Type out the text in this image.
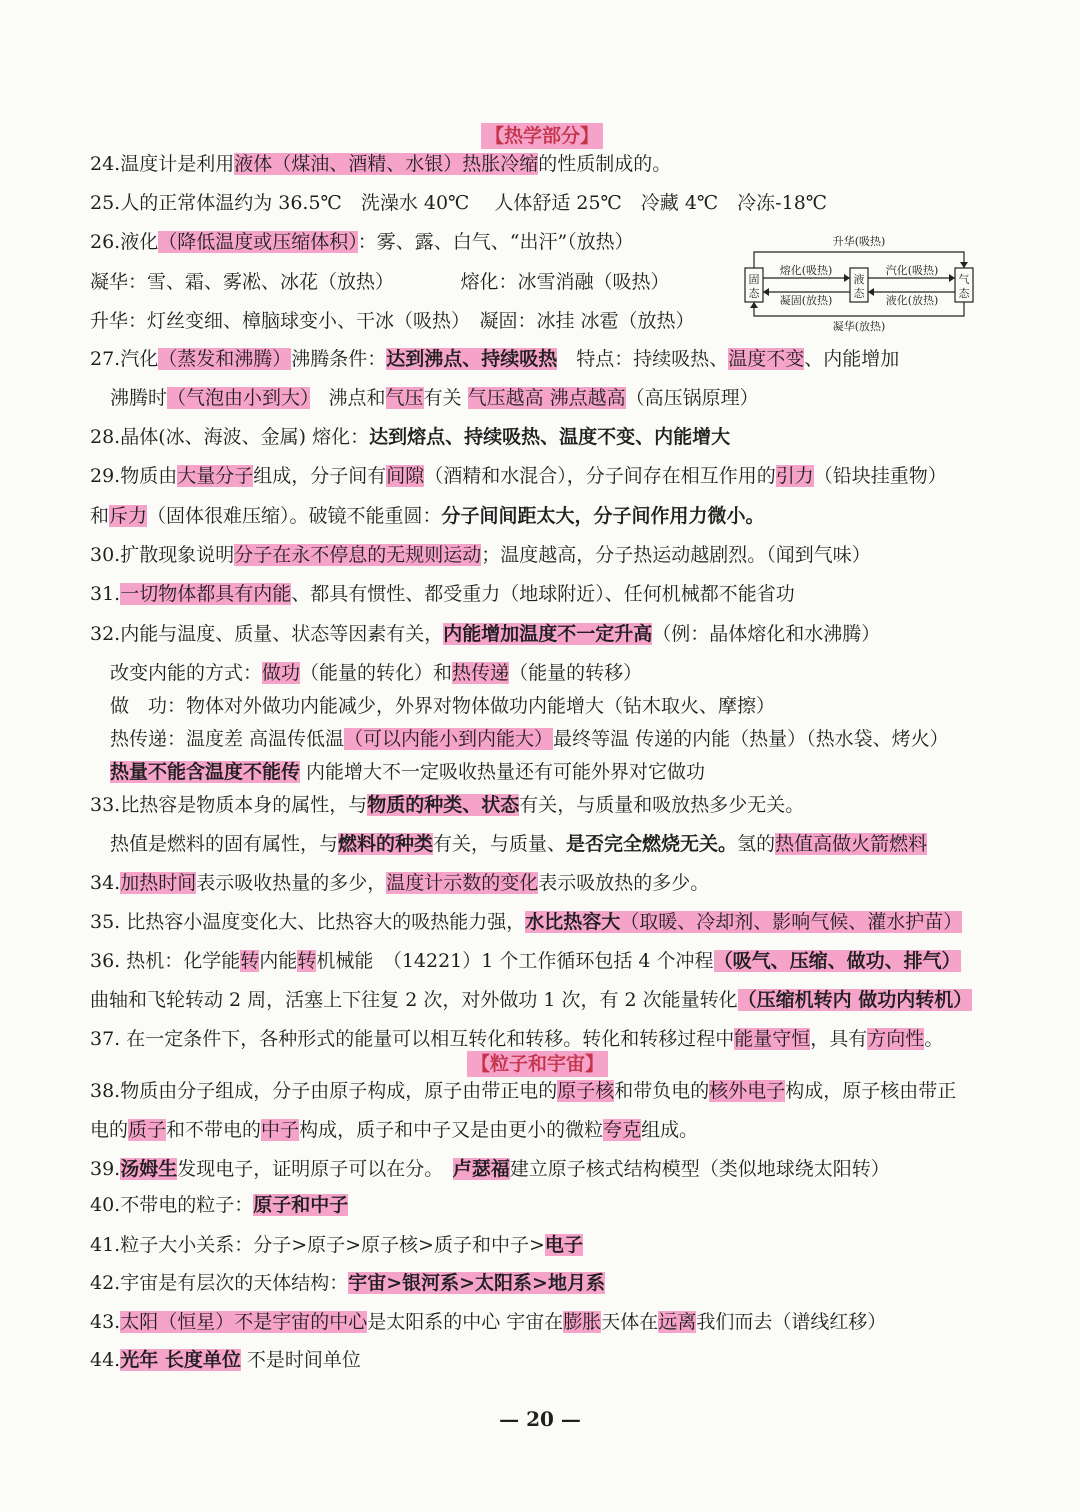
【热学部分】
【粒子和宇宙】
24.温度计是利用液体（煤油、酒精、水银）热胀冷缩的性质制成的。
25.人的正常体温约为 36.5℃　洗澡水 40℃　 人体舒适 25℃　冷藏 4℃　冷冻-18℃
26.液化（降低温度或压缩体积）：雾、露、白气、“出汗”（放热）
凝华：雪、霜、雾凇、冰花（放热）　　　　熔化：冰雪消融（吸热）
升华：灯丝变细、樟脑球变小、干冰（吸热）　凝固：冰挂 冰雹（放热）
27.汽化（蒸发和沸腾）沸腾条件：达到沸点、持续吸热　特点：持续吸热、温度不变、内能增加
沸腾时（气泡由小到大）　沸点和气压有关 气压越高 沸点越高（高压锅原理）
28.晶体(冰、海波、金属) 熔化：达到熔点、持续吸热、温度不变、内能增大
29.物质由大量分子组成，分子间有间隙（酒精和水混合），分子间存在相互作用的引力（铅块挂重物）
和斥力（固体很难压缩）。破镜不能重圆：分子间间距太大，分子间作用力微小。
30.扩散现象说明分子在永不停息的无规则运动；温度越高，分子热运动越剧烈。（闻到气味）
31.一切物体都具有内能、都具有惯性、都受重力（地球附近）、任何机械都不能省功
32.内能与温度、质量、状态等因素有关，内能增加温度不一定升高（例：晶体熔化和水沸腾）
改变内能的方式：做功（能量的转化）和热传递（能量的转移）
做　功：物体对外做功内能减少，外界对物体做功内能增大（钻木取火、摩擦）
热传递：温度差 高温传低温（可以内能小到内能大）最终等温 传递的内能（热量）（热水袋、烤火）
热量不能含温度不能传 内能增大不一定吸收热量还有可能外界对它做功
33.比热容是物质本身的属性，与物质的种类、状态有关，与质量和吸放热多少无关。
热值是燃料的固有属性，与燃料的种类有关，与质量、是否完全燃烧无关。氢的热值高做火箭燃料
34.加热时间表示吸收热量的多少，温度计示数的变化表示吸放热的多少。
35. 比热容小温度变化大、比热容大的吸热能力强，水比热容大（取暖、冷却剂、影响气候、灌水护苗）
36. 热机：化学能转内能转机械能　（14221）1 个工作循环包括 4 个冲程（吸气、压缩、做功、排气）
曲轴和飞轮转动 2 周，活塞上下往复 2 次，对外做功 1 次，有 2 次能量转化（压缩机转内 做功内转机）
37. 在一定条件下，各种形式的能量可以相互转化和转移。转化和转移过程中能量守恒，具有方向性。
38.物质由分子组成，分子由原子构成，原子由带正电的原子核和带负电的核外电子构成，原子核由带正
电的质子和不带电的中子构成，质子和中子又是由更小的微粒夸克组成。
39.汤姆生发现电子，证明原子可以在分。　卢瑟福建立原子核式结构模型（类似地球绕太阳转）
40.不带电的粒子：原子和中子
41.粒子大小关系：分子>原子>原子核>质子和中子>电子
42.宇宙是有层次的天体结构：宇宙>银河系>太阳系>地月系
43.太阳（恒星）不是宇宙的中心是太阳系的中心 宇宙在膨胀天体在远离我们而去（谱线红移）
44.光年 长度单位 不是时间单位
升华(吸热)
凝华(放热)
固
态
液
态
气
态
熔化(吸热)
凝固(放热)
汽化(吸热)
液化(放热)
— 20 —
